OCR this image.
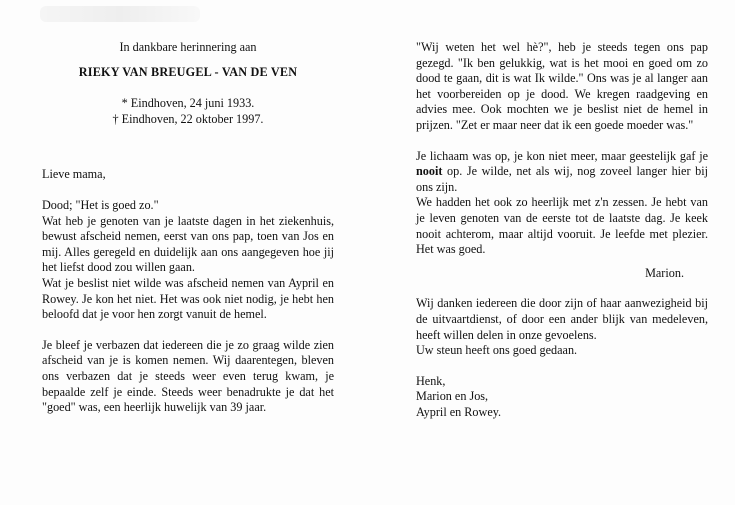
In dankbare herinnering aan

RIEKY VAN BREUGEL - VAN DE VEN

* Eindhoven, 24 juni 1933.

† Eindhoven, 22 oktober 1997.

Lieve mama,

Dood; "Het is goed zo."

Wat heb je genoten van je laatste dagen in het ziekenhuis, bewust afscheid nemen, eerst van ons pap, toen van Jos en mij. Alles geregeld en duidelijk aan ons aangegeven hoe jij het liefst dood zou willen gaan.

Wat je beslist niet wilde was afscheid nemen van Aypril en Rowey. Je kon het niet. Het was ook niet nodig, je hebt hen beloofd dat je voor hen zorgt vanuit de hemel.

Je bleef je verbazen dat iedereen die je zo graag wilde zien afscheid van je is komen nemen. Wij daarentegen, bleven ons verbazen dat je steeds weer even terug kwam, je bepaalde zelf je einde. Steeds weer benadrukte je dat het "goed" was, een heerlijk huwelijk van 39 jaar.

"Wij weten het wel hè?", heb je steeds tegen ons pap gezegd. "Ik ben gelukkig, wat is het mooi en goed om zo dood te gaan, dit is wat Ik wilde." Ons was je al langer aan het voorbereiden op je dood. We kregen raadgeving en advies mee. Ook mochten we je beslist niet de hemel in prijzen. "Zet er maar neer dat ik een goede moeder was."

Je lichaam was op, je kon niet meer, maar geestelijk gaf je nooit op. Je wilde, net als wij, nog zoveel langer hier bij ons zijn.

We hadden het ook zo heerlijk met z'n zessen. Je hebt van je leven genoten van de eerste tot de laatste dag. Je keek nooit achterom, maar altijd vooruit. Je leefde met plezier. Het was goed.

Marion.

Wij danken iedereen die door zijn of haar aanwezigheid bij de uitvaartdienst, of door een ander blijk van medeleven, heeft willen delen in onze gevoelens.

Uw steun heeft ons goed gedaan.

Henk,

Marion en Jos,

Aypril en Rowey.
